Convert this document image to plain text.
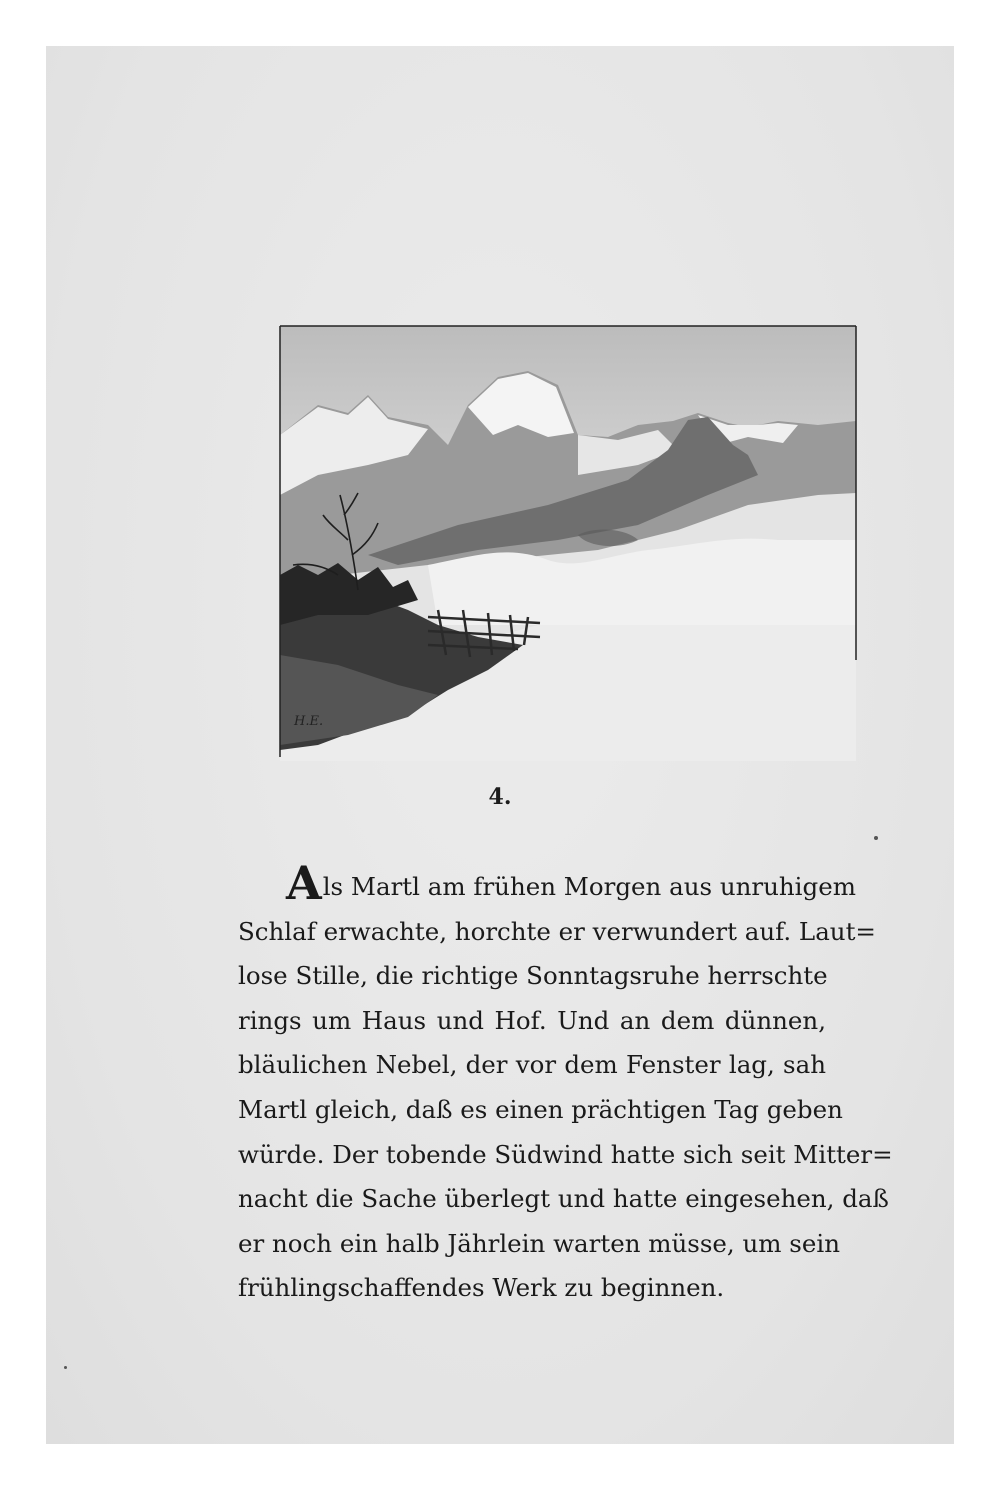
H.E.
4.
Als Martl am frühen Morgen aus unruhigem
Schlaf erwachte, horchte er verwundert auf. Laut=
lose Stille, die richtige Sonntagsruhe herrschte
rings um Haus und Hof. Und an dem dünnen,
bläulichen Nebel, der vor dem Fenster lag, sah
Martl gleich, daß es einen prächtigen Tag geben
würde. Der tobende Südwind hatte sich seit Mitter=
nacht die Sache überlegt und hatte eingesehen, daß
er noch ein halb Jährlein warten müsse, um sein
frühlingschaffendes Werk zu beginnen.
